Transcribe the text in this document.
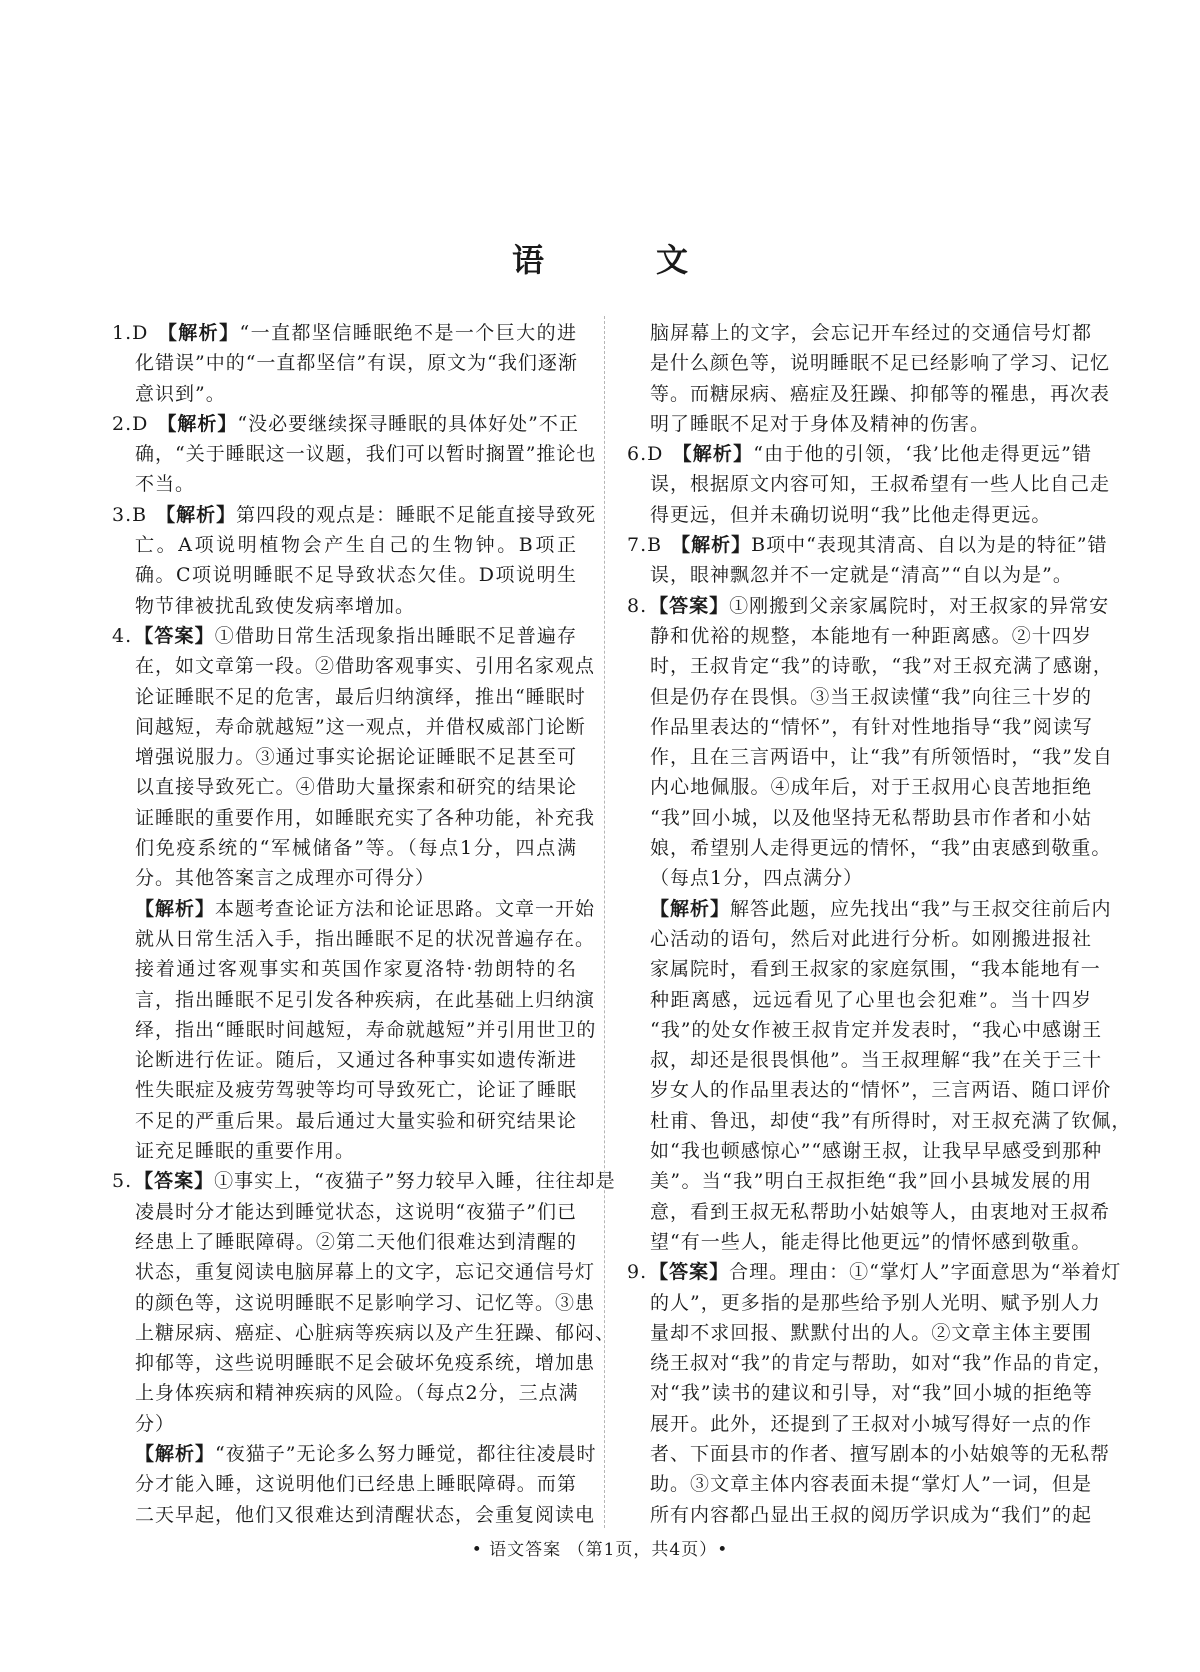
语　文
1.D 【解析】“一直都坚信睡眠绝不是一个巨大的进
化错误”中的“一直都坚信”有误，原文为“我们逐渐
意识到”。
2.D 【解析】“没必要继续探寻睡眠的具体好处”不正
确，“关于睡眠这一议题，我们可以暂时搁置”推论也
不当。
3.B 【解析】第四段的观点是：睡眠不足能直接导致死
亡。A项说明植物会产生自己的生物钟。B项正
确。C项说明睡眠不足导致状态欠佳。D项说明生
物节律被扰乱致使发病率增加。
4. 【答案】①借助日常生活现象指出睡眠不足普遍存
在，如文章第一段。②借助客观事实、引用名家观点
论证睡眠不足的危害，最后归纳演绎，推出“睡眠时
间越短，寿命就越短”这一观点，并借权威部门论断
增强说服力。③通过事实论据论证睡眠不足甚至可
以直接导致死亡。④借助大量探索和研究的结果论
证睡眠的重要作用，如睡眠充实了各种功能，补充我
们免疫系统的“军械储备”等。（每点1分，四点满
分。其他答案言之成理亦可得分）
【解析】本题考查论证方法和论证思路。文章一开始
就从日常生活入手，指出睡眠不足的状况普遍存在。
接着通过客观事实和英国作家夏洛特·勃朗特的名
言，指出睡眠不足引发各种疾病，在此基础上归纳演
绎，指出“睡眠时间越短，寿命就越短”并引用世卫的
论断进行佐证。随后，又通过各种事实如遗传渐进
性失眠症及疲劳驾驶等均可导致死亡，论证了睡眠
不足的严重后果。最后通过大量实验和研究结果论
证充足睡眠的重要作用。
5. 【答案】①事实上，“夜猫子”努力较早入睡，往往却是
凌晨时分才能达到睡觉状态，这说明“夜猫子”们已
经患上了睡眠障碍。②第二天他们很难达到清醒的
状态，重复阅读电脑屏幕上的文字，忘记交通信号灯
的颜色等，这说明睡眠不足影响学习、记忆等。③患
上糖尿病、癌症、心脏病等疾病以及产生狂躁、郁闷、
抑郁等，这些说明睡眠不足会破坏免疫系统，增加患
上身体疾病和精神疾病的风险。（每点2分，三点满
分）
【解析】“夜猫子”无论多么努力睡觉，都往往凌晨时
分才能入睡，这说明他们已经患上睡眠障碍。而第
二天早起，他们又很难达到清醒状态，会重复阅读电
脑屏幕上的文字，会忘记开车经过的交通信号灯都
是什么颜色等，说明睡眠不足已经影响了学习、记忆
等。而糖尿病、癌症及狂躁、抑郁等的罹患，再次表
明了睡眠不足对于身体及精神的伤害。
6.D 【解析】“由于他的引领，‘我’比他走得更远”错
误，根据原文内容可知，王叔希望有一些人比自己走
得更远，但并未确切说明“我”比他走得更远。
7.B 【解析】B项中“表现其清高、自以为是的特征”错
误，眼神飘忽并不一定就是“清高”“自以为是”。
8. 【答案】①刚搬到父亲家属院时，对王叔家的异常安
静和优裕的规整，本能地有一种距离感。②十四岁
时，王叔肯定“我”的诗歌，“我”对王叔充满了感谢，
但是仍存在畏惧。③当王叔读懂“我”向往三十岁的
作品里表达的“情怀”，有针对性地指导“我”阅读写
作，且在三言两语中，让“我”有所领悟时，“我”发自
内心地佩服。④成年后，对于王叔用心良苦地拒绝
“我”回小城，以及他坚持无私帮助县市作者和小姑
娘，希望别人走得更远的情怀，“我”由衷感到敬重。
（每点1分，四点满分）
【解析】解答此题，应先找出“我”与王叔交往前后内
心活动的语句，然后对此进行分析。如刚搬进报社
家属院时，看到王叔家的家庭氛围，“我本能地有一
种距离感，远远看见了心里也会犯难”。当十四岁
“我”的处女作被王叔肯定并发表时，“我心中感谢王
叔，却还是很畏惧他”。当王叔理解“我”在关于三十
岁女人的作品里表达的“情怀”，三言两语、随口评价
杜甫、鲁迅，却使“我”有所得时，对王叔充满了钦佩，
如“我也顿感惊心”“感谢王叔，让我早早感受到那种
美”。当“我”明白王叔拒绝“我”回小县城发展的用
意，看到王叔无私帮助小姑娘等人，由衷地对王叔希
望“有一些人，能走得比他更远”的情怀感到敬重。
9. 【答案】合理。理由：①“掌灯人”字面意思为“举着灯
的人”，更多指的是那些给予别人光明、赋予别人力
量却不求回报、默默付出的人。②文章主体主要围
绕王叔对“我”的肯定与帮助，如对“我”作品的肯定，
对“我”读书的建议和引导，对“我”回小城的拒绝等
展开。此外，还提到了王叔对小城写得好一点的作
者、下面县市的作者、擅写剧本的小姑娘等的无私帮
助。③文章主体内容表面未提“掌灯人”一词，但是
所有内容都凸显出王叔的阅历学识成为“我们”的起
• 语文答案 （第1页，共4页）•
